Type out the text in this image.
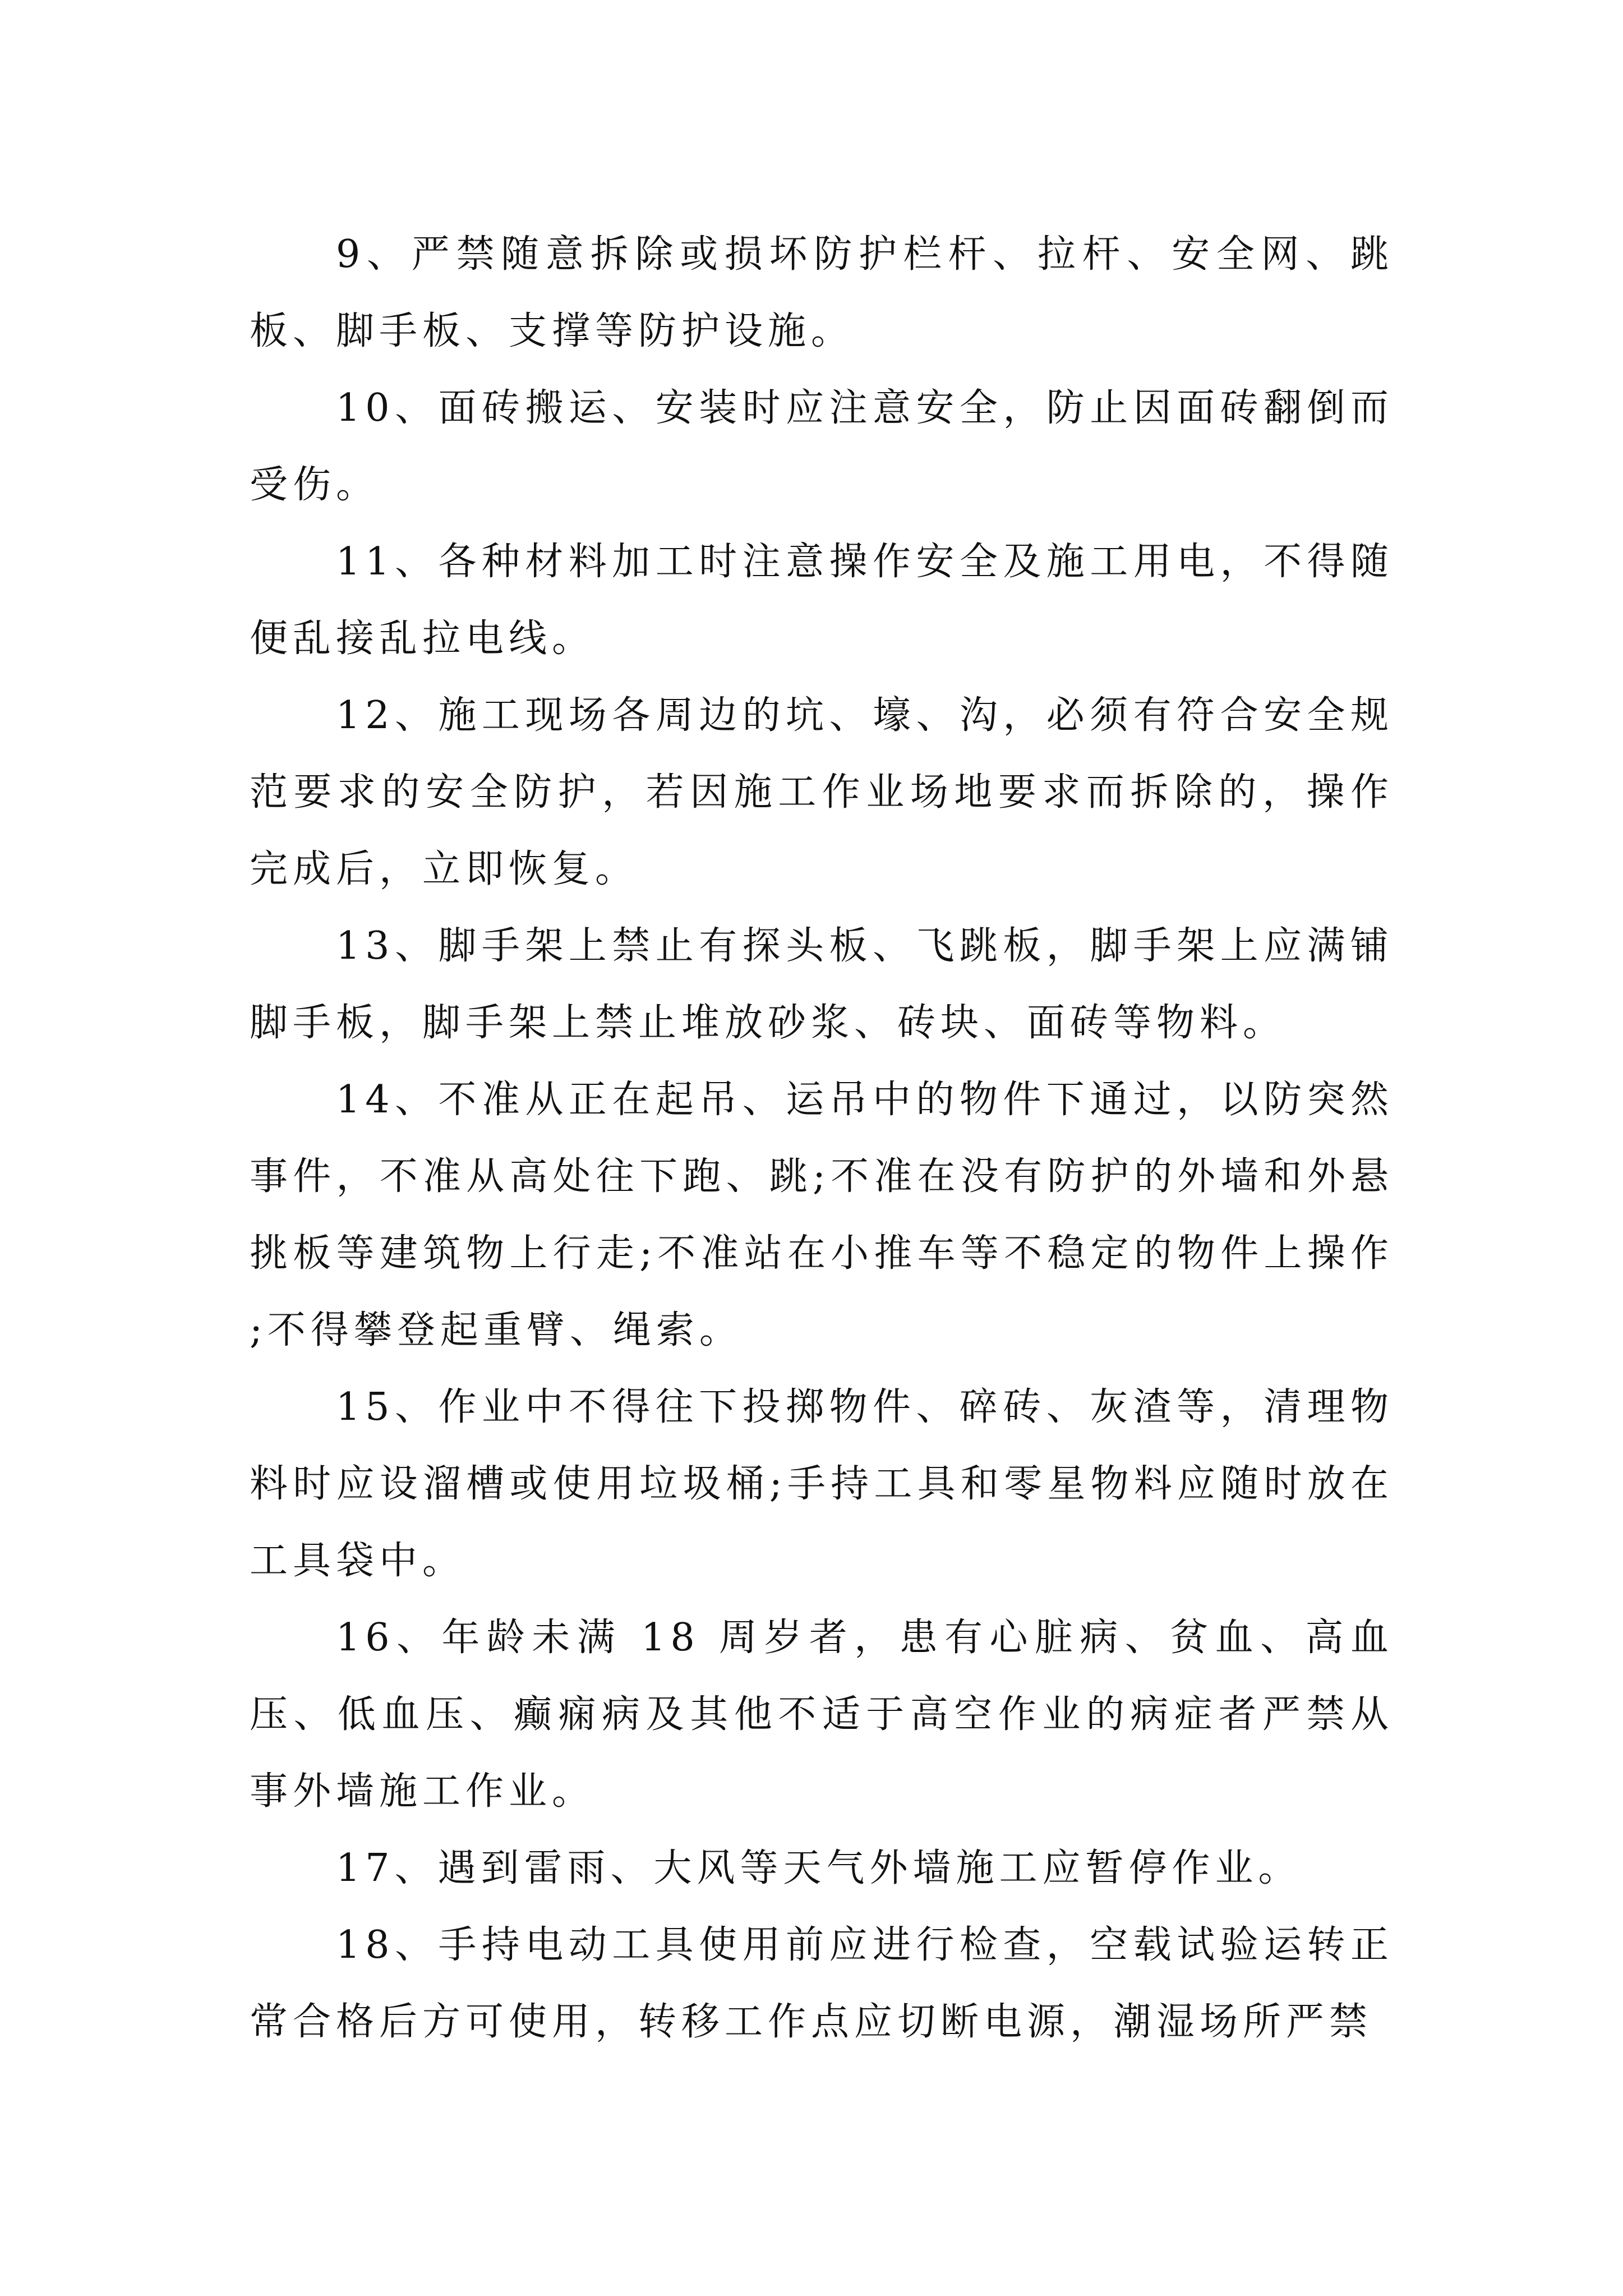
9、严禁随意拆除或损坏防护栏杆、拉杆、安全网、跳板、脚手板、支撑等防护设施。

10、面砖搬运、安装时应注意安全，防止因面砖翻倒而受伤。

11、各种材料加工时注意操作安全及施工用电，不得随便乱接乱拉电线。

12、施工现场各周边的坑、壕、沟，必须有符合安全规范要求的安全防护，若因施工作业场地要求而拆除的，操作完成后，立即恢复。

13、脚手架上禁止有探头板、飞跳板，脚手架上应满铺脚手板，脚手架上禁止堆放砂浆、砖块、面砖等物料。

14、不准从正在起吊、运吊中的物件下通过，以防突然事件，不准从高处往下跑、跳;不准在没有防护的外墙和外悬挑板等建筑物上行走;不准站在小推车等不稳定的物件上操作;不得攀登起重臂、绳索。

15、作业中不得往下投掷物件、碎砖、灰渣等，清理物料时应设溜槽或使用垃圾桶;手持工具和零星物料应随时放在工具袋中。

16、年龄未满 18 周岁者，患有心脏病、贫血、高血压、低血压、癫痫病及其他不适于高空作业的病症者严禁从事外墙施工作业。

17、遇到雷雨、大风等天气外墙施工应暂停作业。

18、手持电动工具使用前应进行检查，空载试验运转正常合格后方可使用，转移工作点应切断电源，潮湿场所严禁
